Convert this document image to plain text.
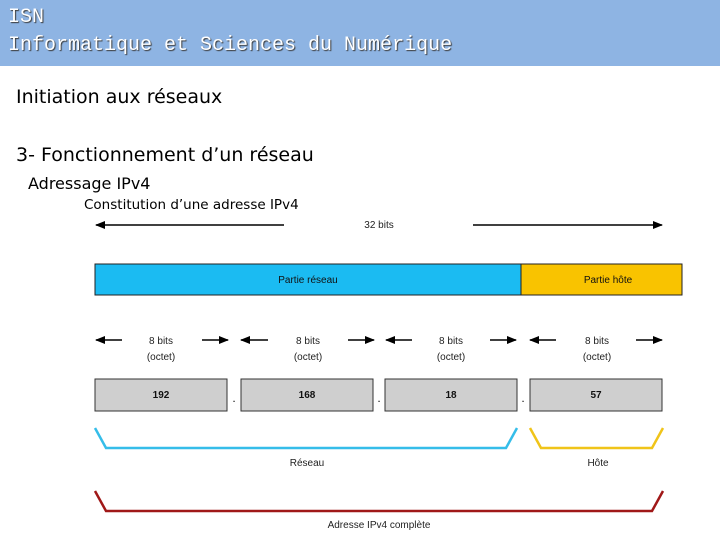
ISN
Informatique et Sciences du Numérique
Initiation aux réseaux
3- Fonctionnement d’un réseau
Adressage IPv4
Constitution d’une adresse IPv4
32 bits
Partie réseau	Partie hôte
8 bits
(octet)
8 bits
(octet)
8 bits
(octet)
8 bits
(octet)
192	.	168	.	18	.	57
Réseau	Hôte
Adresse IPv4 complète
